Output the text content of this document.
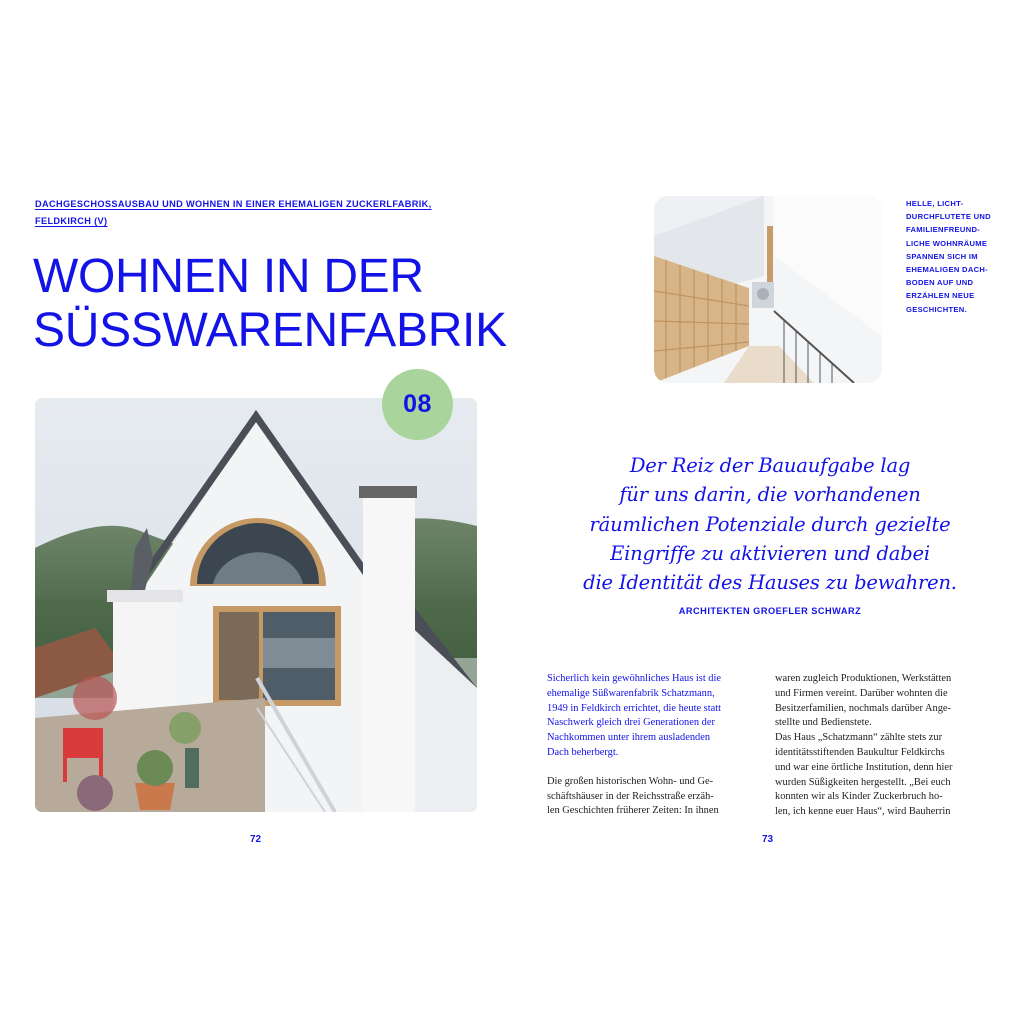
DACHGESCHOSSAUSBAU UND WOHNEN IN EINER EHEMALIGEN ZUCKERLFABRIK,
FELDKIRCH (V)
WOHNEN IN DER
SÜSSWARENFABRIK
08
72
HELLE, LICHT-
DURCHFLUTETE UND
FAMILIENFREUND-
LICHE WOHNRÄUME
SPANNEN SICH IM
EHEMALIGEN DACH-
BODEN AUF UND
ERZÄHLEN NEUE
GESCHICHTEN.
Der Reiz der Bauaufgabe lag
für uns darin, die vorhandenen
räumlichen Potenziale durch gezielte
Eingriffe zu aktivieren und dabei
die Identität des Hauses zu bewahren.
ARCHITEKTEN GROEFLER SCHWARZ
Sicherlich kein gewöhnliches Haus ist die
ehemalige Süßwarenfabrik Schatzmann,
1949 in Feldkirch errichtet, die heute statt
Naschwerk gleich drei Generationen der
Nachkommen unter ihrem ausladenden
Dach beherbergt.
Die großen historischen Wohn- und Ge-
schäftshäuser in der Reichsstraße erzäh-
len Geschichten früherer Zeiten: In ihnen
waren zugleich Produktionen, Werkstätten
und Firmen vereint. Darüber wohnten die
Besitzerfamilien, nochmals darüber Ange-
stellte und Bedienstete.
Das Haus „Schatzmann“ zählte stets zur
identitätsstiftenden Baukultur Feldkirchs
und war eine örtliche Institution, denn hier
wurden Süßigkeiten hergestellt. „Bei euch
konnten wir als Kinder Zuckerbruch ho-
len, ich kenne euer Haus“, wird Bauherrin
73
